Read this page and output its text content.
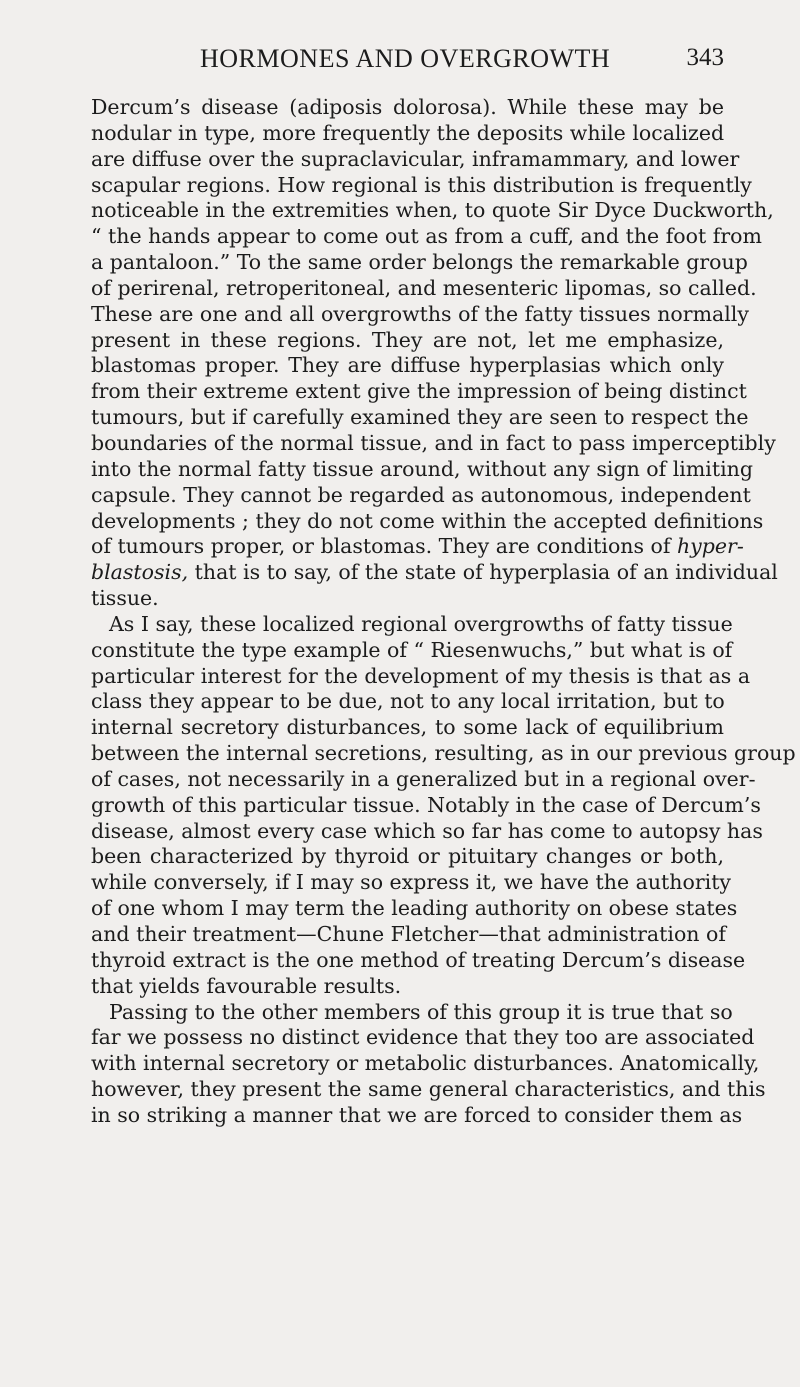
HORMONES AND OVERGROWTH	343
Dercum’s disease (adiposis dolorosa). While these may be
nodular in type, more frequently the deposits while localized
are diffuse over the supraclavicular, inframammary, and lower
scapular regions. How regional is this distribution is frequently
noticeable in the extremities when, to quote Sir Dyce Duckworth,
“ the hands appear to come out as from a cuff, and the foot from
a pantaloon.” To the same order belongs the remarkable group
of perirenal, retroperitoneal, and mesenteric lipomas, so called.
These are one and all overgrowths of the fatty tissues normally
present in these regions. They are not, let me emphasize,
blastomas proper. They are diffuse hyperplasias which only
from their extreme extent give the impression of being distinct
tumours, but if carefully examined they are seen to respect the
boundaries of the normal tissue, and in fact to pass imperceptibly
into the normal fatty tissue around, without any sign of limiting
capsule. They cannot be regarded as autonomous, independent
developments ; they do not come within the accepted definitions
of tumours proper, or blastomas. They are conditions of hyper-
blastosis, that is to say, of the state of hyperplasia of an individual
tissue.
As I say, these localized regional overgrowths of fatty tissue
constitute the type example of “ Riesenwuchs,” but what is of
particular interest for the development of my thesis is that as a
class they appear to be due, not to any local irritation, but to
internal secretory disturbances, to some lack of equilibrium
between the internal secretions, resulting, as in our previous group
of cases, not necessarily in a generalized but in a regional over-
growth of this particular tissue. Notably in the case of Dercum’s
disease, almost every case which so far has come to autopsy has
been characterized by thyroid or pituitary changes or both,
while conversely, if I may so express it, we have the authority
of one whom I may term the leading authority on obese states
and their treatment—Chune Fletcher—that administration of
thyroid extract is the one method of treating Dercum’s disease
that yields favourable results.
Passing to the other members of this group it is true that so
far we possess no distinct evidence that they too are associated
with internal secretory or metabolic disturbances. Anatomically,
however, they present the same general characteristics, and this
in so striking a manner that we are forced to consider them as
